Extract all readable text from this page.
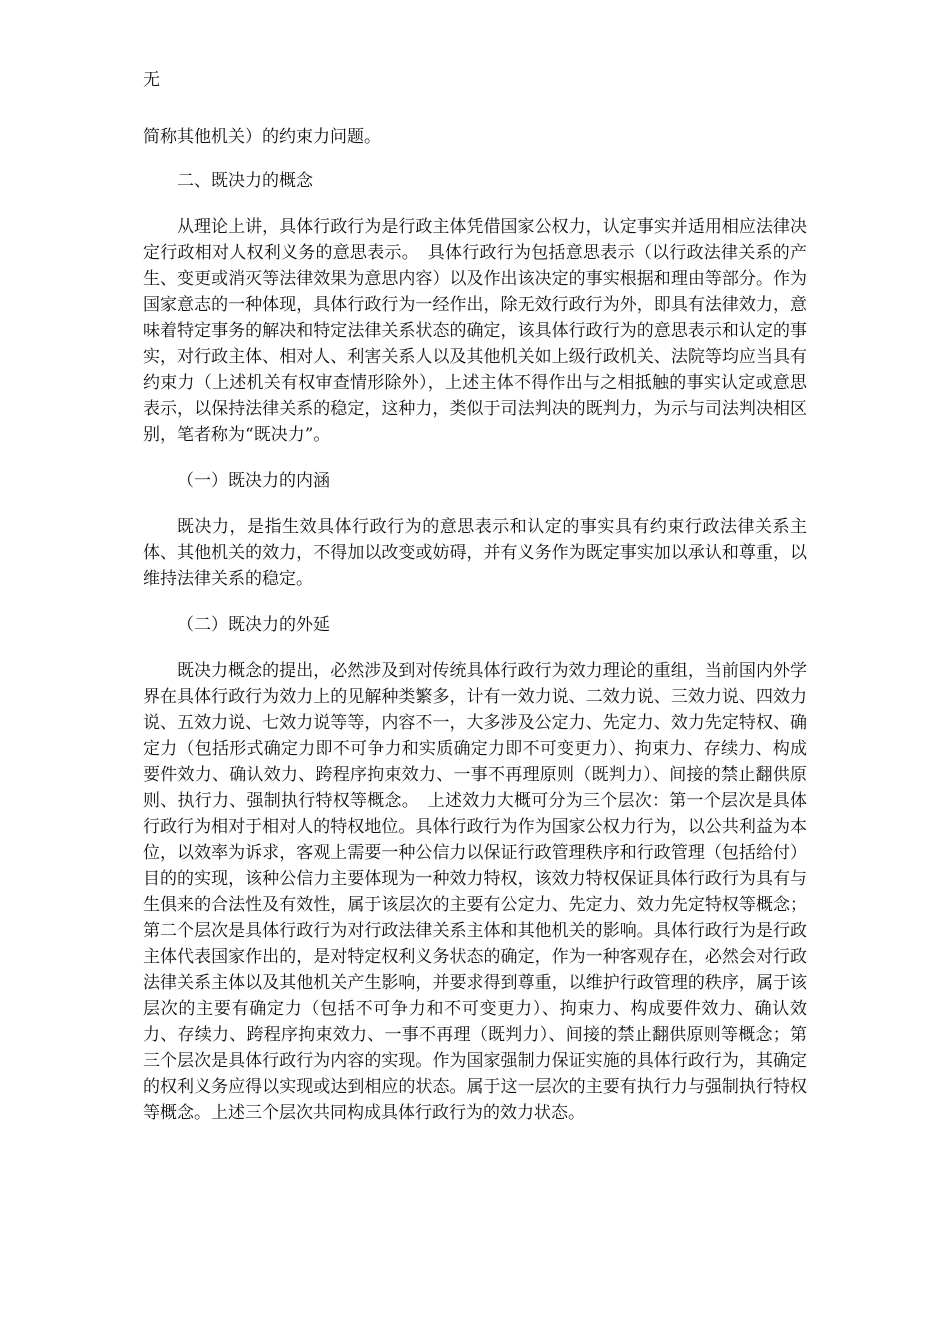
无

简称其他机关）的约束力问题。

二、既决力的概念

从理论上讲，具体行政行为是行政主体凭借国家公权力，认定事实并适用相应法律决定行政相对人权利义务的意思表示。　具体行政行为包括意思表示（以行政法律关系的产生、变更或消灭等法律效果为意思内容）以及作出该决定的事实根据和理由等部分。作为国家意志的一种体现，具体行政行为一经作出，除无效行政行为外，即具有法律效力，意味着特定事务的解决和特定法律关系状态的确定，该具体行政行为的意思表示和认定的事实，对行政主体、相对人、利害关系人以及其他机关如上级行政机关、法院等均应当具有约束力（上述机关有权审查情形除外），上述主体不得作出与之相抵触的事实认定或意思表示，以保持法律关系的稳定，这种力，类似于司法判决的既判力，为示与司法判决相区别，笔者称为“既决力”。

（一）既决力的内涵

既决力，是指生效具体行政行为的意思表示和认定的事实具有约束行政法律关系主体、其他机关的效力，不得加以改变或妨碍，并有义务作为既定事实加以承认和尊重，以维持法律关系的稳定。

（二）既决力的外延

既决力概念的提出，必然涉及到对传统具体行政行为效力理论的重组，当前国内外学界在具体行政行为效力上的见解种类繁多，计有一效力说、二效力说、三效力说、四效力说、五效力说、七效力说等等，内容不一，大多涉及公定力、先定力、效力先定特权、确定力（包括形式确定力即不可争力和实质确定力即不可变更力）、拘束力、存续力、构成要件效力、确认效力、跨程序拘束效力、一事不再理原则（既判力）、间接的禁止翻供原则、执行力、强制执行特权等概念。　上述效力大概可分为三个层次：第一个层次是具体行政行为相对于相对人的特权地位。具体行政行为作为国家公权力行为，以公共利益为本位，以效率为诉求，客观上需要一种公信力以保证行政管理秩序和行政管理（包括给付）目的的实现，该种公信力主要体现为一种效力特权，该效力特权保证具体行政行为具有与生俱来的合法性及有效性，属于该层次的主要有公定力、先定力、效力先定特权等概念；第二个层次是具体行政行为对行政法律关系主体和其他机关的影响。具体行政行为是行政主体代表国家作出的，是对特定权利义务状态的确定，作为一种客观存在，必然会对行政法律关系主体以及其他机关产生影响，并要求得到尊重，以维护行政管理的秩序，属于该层次的主要有确定力（包括不可争力和不可变更力）、拘束力、构成要件效力、确认效力、存续力、跨程序拘束效力、一事不再理（既判力）、间接的禁止翻供原则等概念；第三个层次是具体行政行为内容的实现。作为国家强制力保证实施的具体行政行为，其确定的权利义务应得以实现或达到相应的状态。属于这一层次的主要有执行力与强制执行特权等概念。上述三个层次共同构成具体行政行为的效力状态。
